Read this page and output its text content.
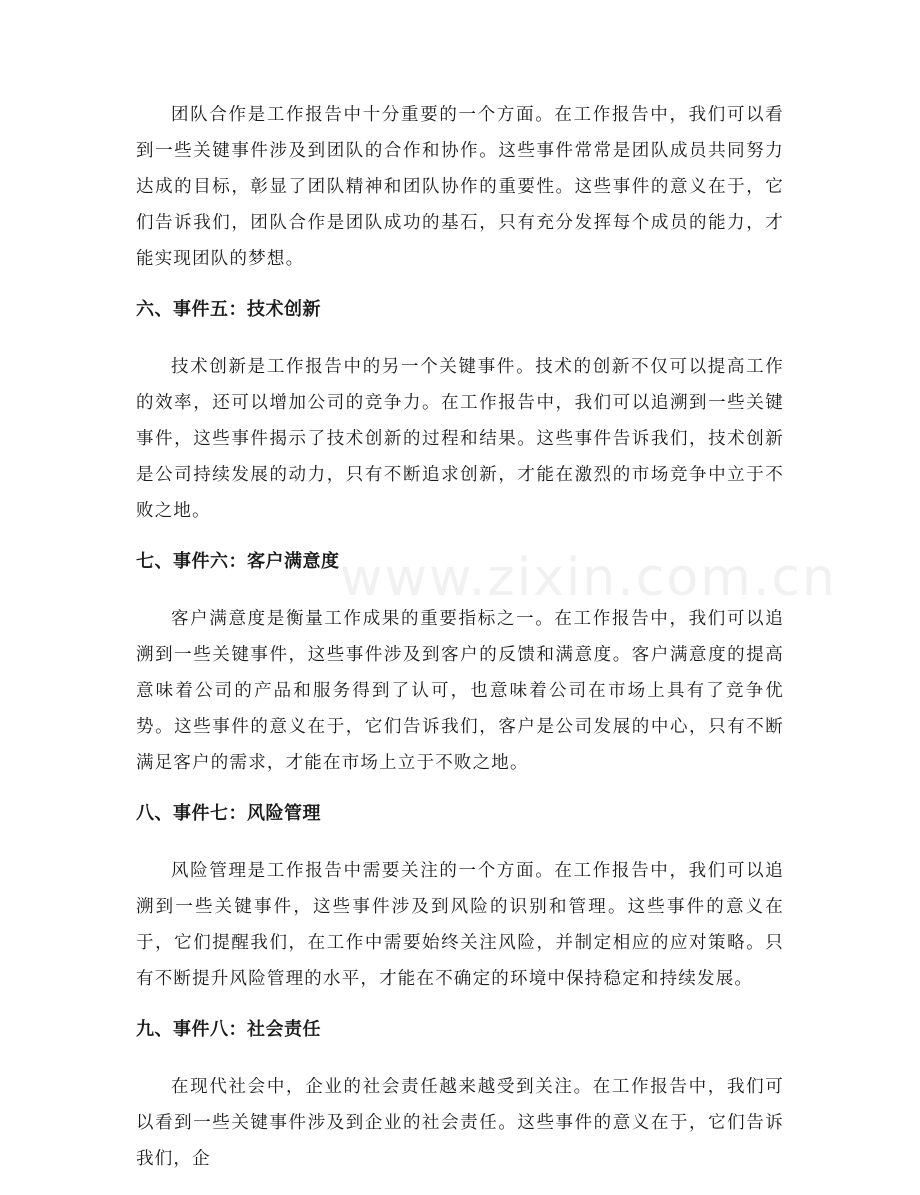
www.zixin.com.cn

团队合作是工作报告中十分重要的一个方面。在工作报告中，我们可以看到一些关键事件涉及到团队的合作和协作。这些事件常常是团队成员共同努力达成的目标，彰显了团队精神和团队协作的重要性。这些事件的意义在于，它们告诉我们，团队合作是团队成功的基石，只有充分发挥每个成员的能力，才能实现团队的梦想。

六、事件五：技术创新

技术创新是工作报告中的另一个关键事件。技术的创新不仅可以提高工作的效率，还可以增加公司的竞争力。在工作报告中，我们可以追溯到一些关键事件，这些事件揭示了技术创新的过程和结果。这些事件告诉我们，技术创新是公司持续发展的动力，只有不断追求创新，才能在激烈的市场竞争中立于不败之地。

七、事件六：客户满意度

客户满意度是衡量工作成果的重要指标之一。在工作报告中，我们可以追溯到一些关键事件，这些事件涉及到客户的反馈和满意度。客户满意度的提高意味着公司的产品和服务得到了认可，也意味着公司在市场上具有了竞争优势。这些事件的意义在于，它们告诉我们，客户是公司发展的中心，只有不断满足客户的需求，才能在市场上立于不败之地。

八、事件七：风险管理

风险管理是工作报告中需要关注的一个方面。在工作报告中，我们可以追溯到一些关键事件，这些事件涉及到风险的识别和管理。这些事件的意义在于，它们提醒我们，在工作中需要始终关注风险，并制定相应的应对策略。只有不断提升风险管理的水平，才能在不确定的环境中保持稳定和持续发展。

九、事件八：社会责任

在现代社会中，企业的社会责任越来越受到关注。在工作报告中，我们可以看到一些关键事件涉及到企业的社会责任。这些事件的意义在于，它们告诉我们，企
